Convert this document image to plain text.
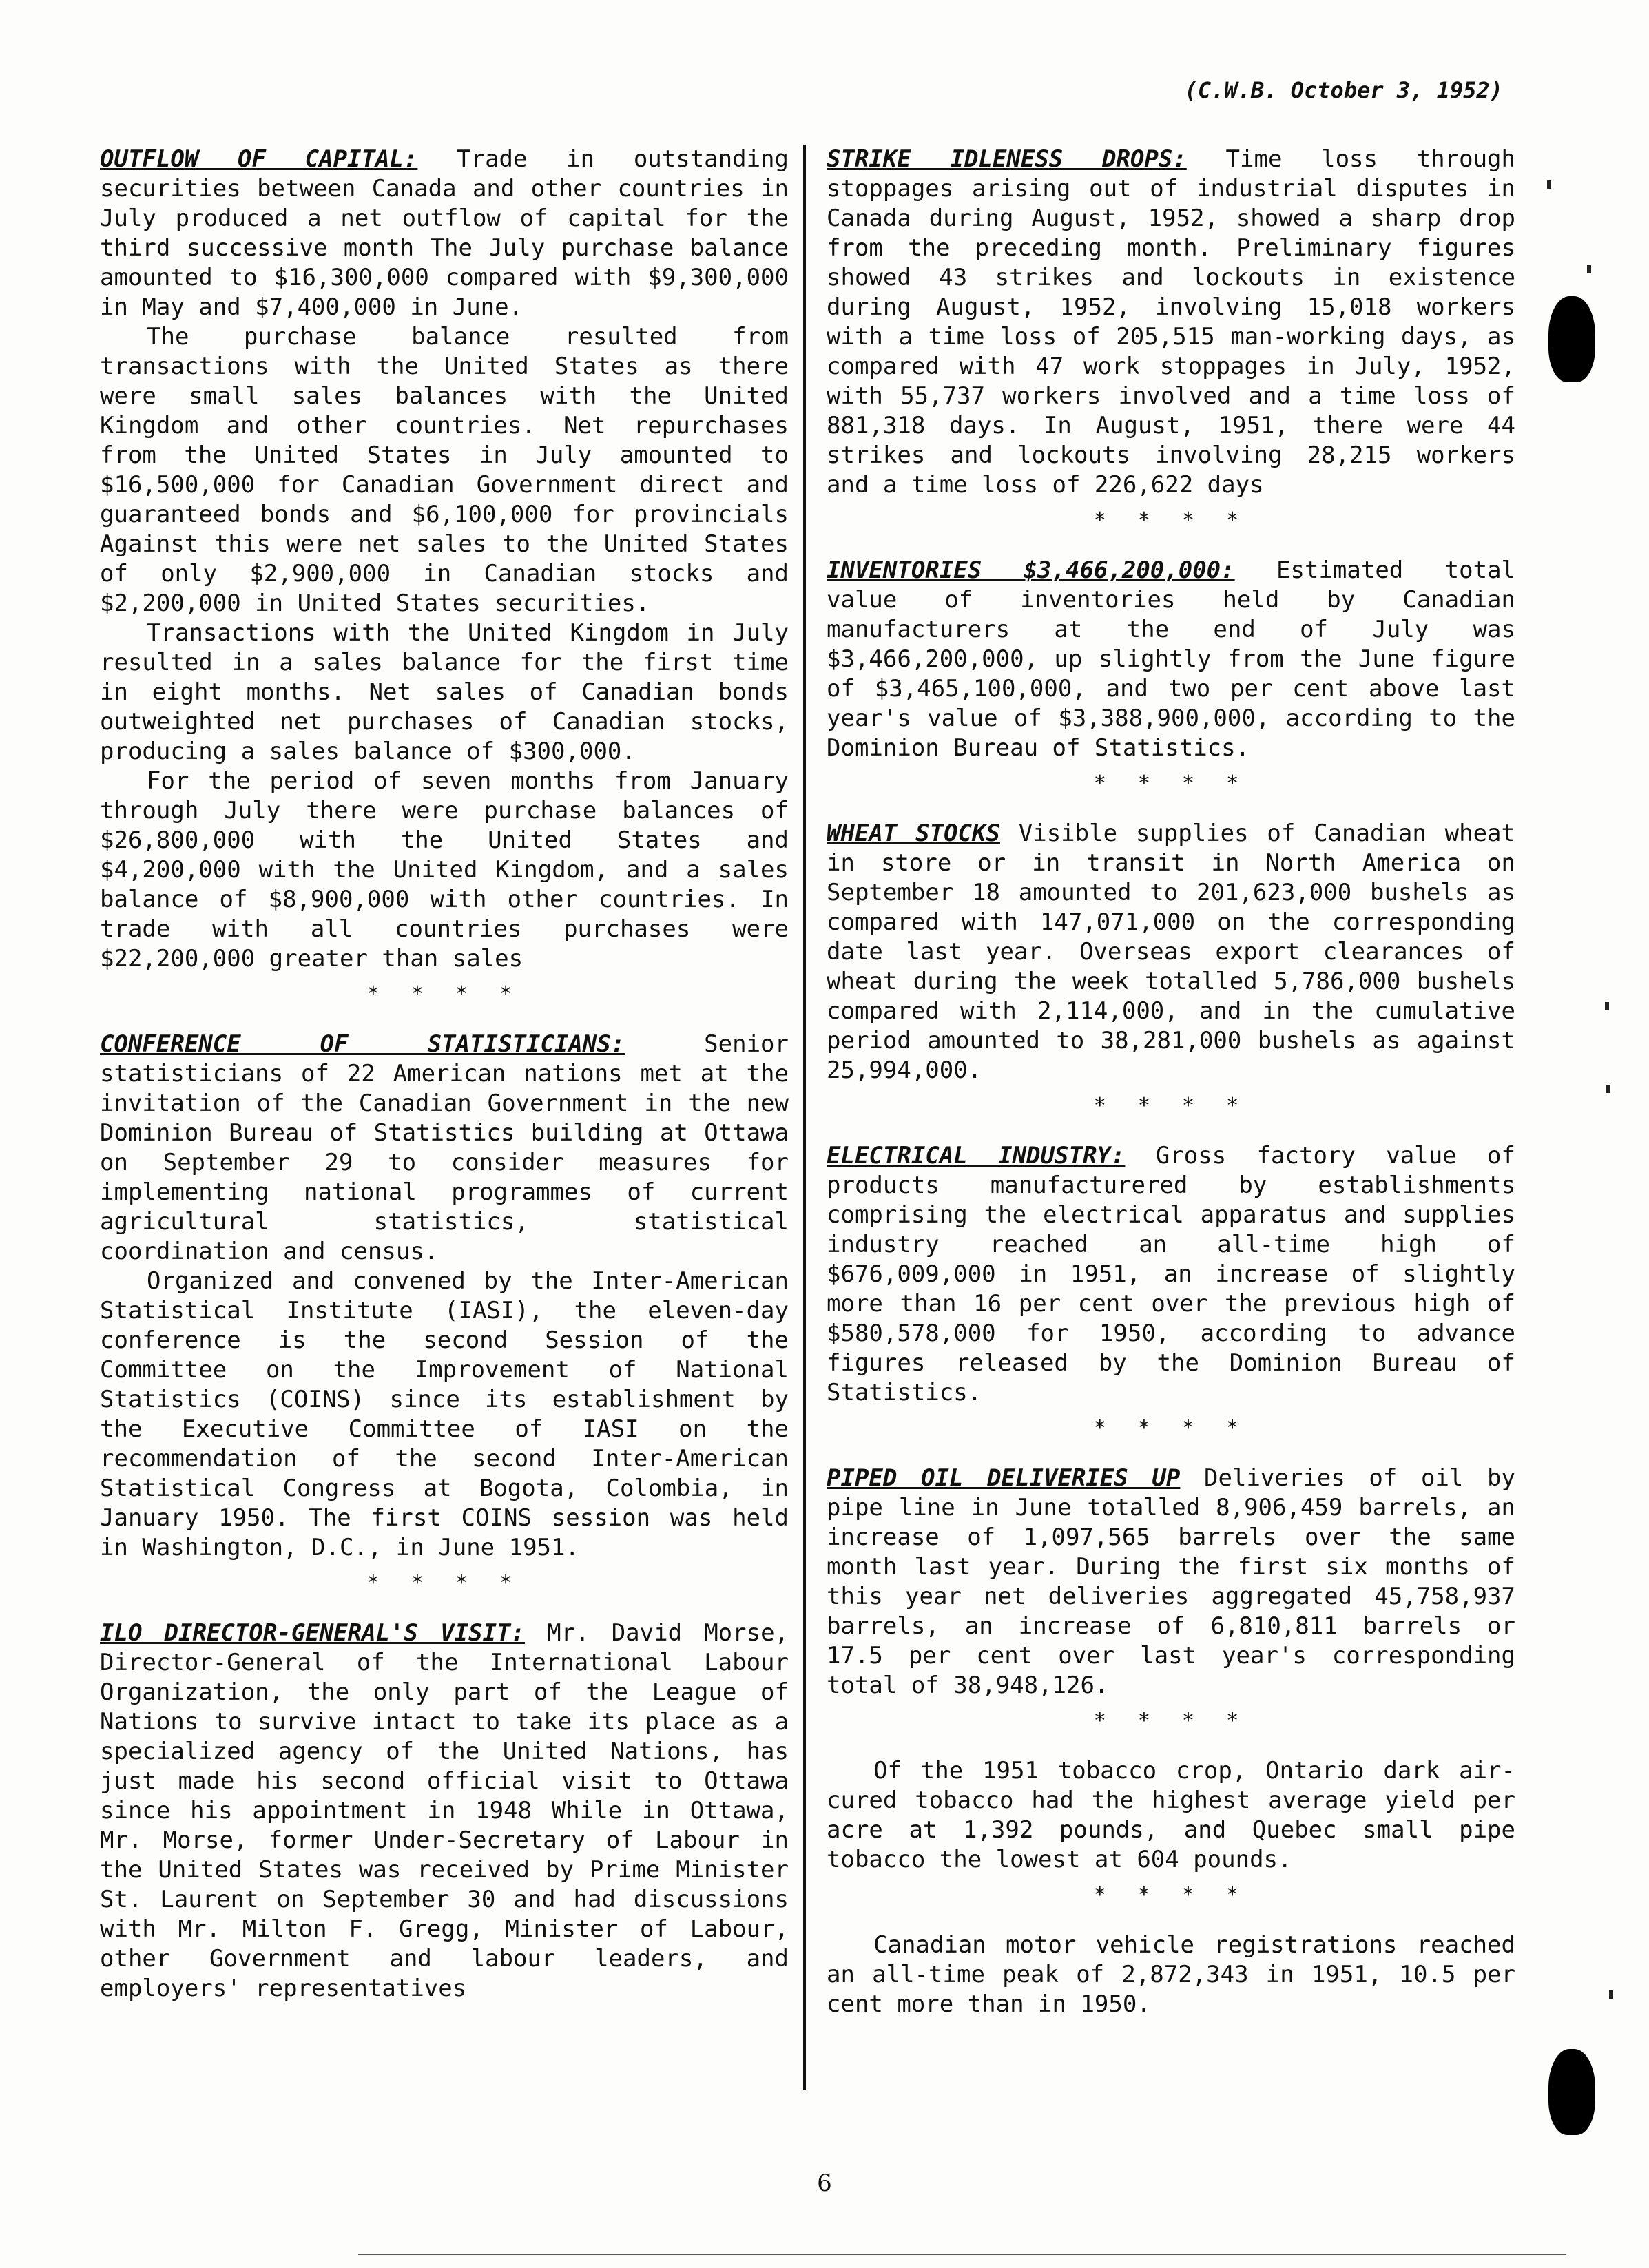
(C.W.B. October 3, 1952)

OUTFLOW OF CAPITAL: Trade in outstanding securities between Canada and other countries in July produced a net outflow of capital for the third successive month The July purchase balance amounted to $16,300,000 compared with $9,300,000 in May and $7,400,000 in June.

The purchase balance resulted from transactions with the United States as there were small sales balances with the United Kingdom and other countries. Net repurchases from the United States in July amounted to $16,500,000 for Canadian Government direct and guaranteed bonds and $6,100,000 for provincials Against this were net sales to the United States of only $2,900,000 in Canadian stocks and $2,200,000 in United States securities.

Transactions with the United Kingdom in July resulted in a sales balance for the first time in eight months. Net sales of Canadian bonds outweighted net purchases of Canadian stocks, producing a sales balance of $300,000.

For the period of seven months from January through July there were purchase balances of $26,800,000 with the United States and $4,200,000 with the United Kingdom, and a sales balance of $8,900,000 with other countries. In trade with all countries purchases were $22,200,000 greater than sales

* * * *

CONFERENCE OF STATISTICIANS:	Senior statisticians of 22 American nations met at the invitation of the Canadian Government in the new Dominion Bureau of Statistics building at Ottawa on September 29 to consider measures for implementing national programmes of current agricultural statistics, statistical coordination and census.

Organized and convened by the Inter-American Statistical Institute (IASI), the eleven-day conference is the second Session of the Committee on the Improvement of National Statistics (COINS) since its establishment by the Executive Committee of IASI on the recommendation of the second Inter-American Statistical Congress at Bogota, Colombia, in January 1950. The first COINS session was held in Washington, D.C., in June 1951.

* * * *

ILO DIRECTOR-GENERAL'S VISIT: Mr. David Morse, Director-General of the International Labour Organization, the only part of the League of Nations to survive intact to take its place as a specialized agency of the United Nations, has just made his second official visit to Ottawa since his appointment in 1948 While in Ottawa, Mr. Morse, former Under-Secretary of Labour in the United States was received by Prime Minister St. Laurent on September 30 and had discussions with Mr. Milton F. Gregg, Minister of Labour, other Government and labour leaders, and employers' representatives

STRIKE IDLENESS DROPS: Time loss through stoppages arising out of industrial disputes in Canada during August, 1952, showed a sharp drop from the preceding month. Preliminary figures showed 43 strikes and lockouts in existence during August, 1952, involving 15,018 workers with a time loss of 205,515 man-working days, as compared with 47 work stoppages in July, 1952, with 55,737 workers involved and a time loss of 881,318 days. In August, 1951, there were 44 strikes and lockouts involving 28,215 workers and a time loss of 226,622 days

* * * *

INVENTORIES $3,466,200,000: Estimated total value of inventories held by Canadian manufacturers at the end of July was $3,466,200,000, up slightly from the June figure of $3,465,100,000, and two per cent above last year's value of $3,388,900,000, according to the Dominion Bureau of Statistics.

* * * *

WHEAT STOCKS Visible supplies of Canadian wheat in store or in transit in North America on September 18 amounted to 201,623,000 bushels as compared with 147,071,000 on the corresponding date last year. Overseas export clearances of wheat during the week totalled 5,786,000 bushels compared with 2,114,000, and in the cumulative period amounted to 38,281,000 bushels as against 25,994,000.

* * * *

ELECTRICAL INDUSTRY: Gross factory value of products manufacturered by establishments comprising the electrical apparatus and supplies industry reached an all-time high of $676,009,000 in 1951, an increase of slightly more than 16 per cent over the previous high of $580,578,000 for 1950, according to advance figures released by the Dominion Bureau of Statistics.

* * * *

PIPED OIL DELIVERIES UP Deliveries of oil by pipe line in June totalled 8,906,459 barrels, an increase of 1,097,565 barrels over the same month last year. During the first six months of this year net deliveries aggregated 45,758,937 barrels, an increase of 6,810,811 barrels or 17.5 per cent over last year's corresponding total of 38,948,126.

* * * *

Of the 1951 tobacco crop, Ontario dark air-cured tobacco had the highest average yield per acre at 1,392 pounds, and Quebec small pipe tobacco the lowest at 604 pounds.

* * * *

Canadian motor vehicle registrations reached an all-time peak of 2,872,343 in 1951, 10.5 per cent more than in 1950.

6
